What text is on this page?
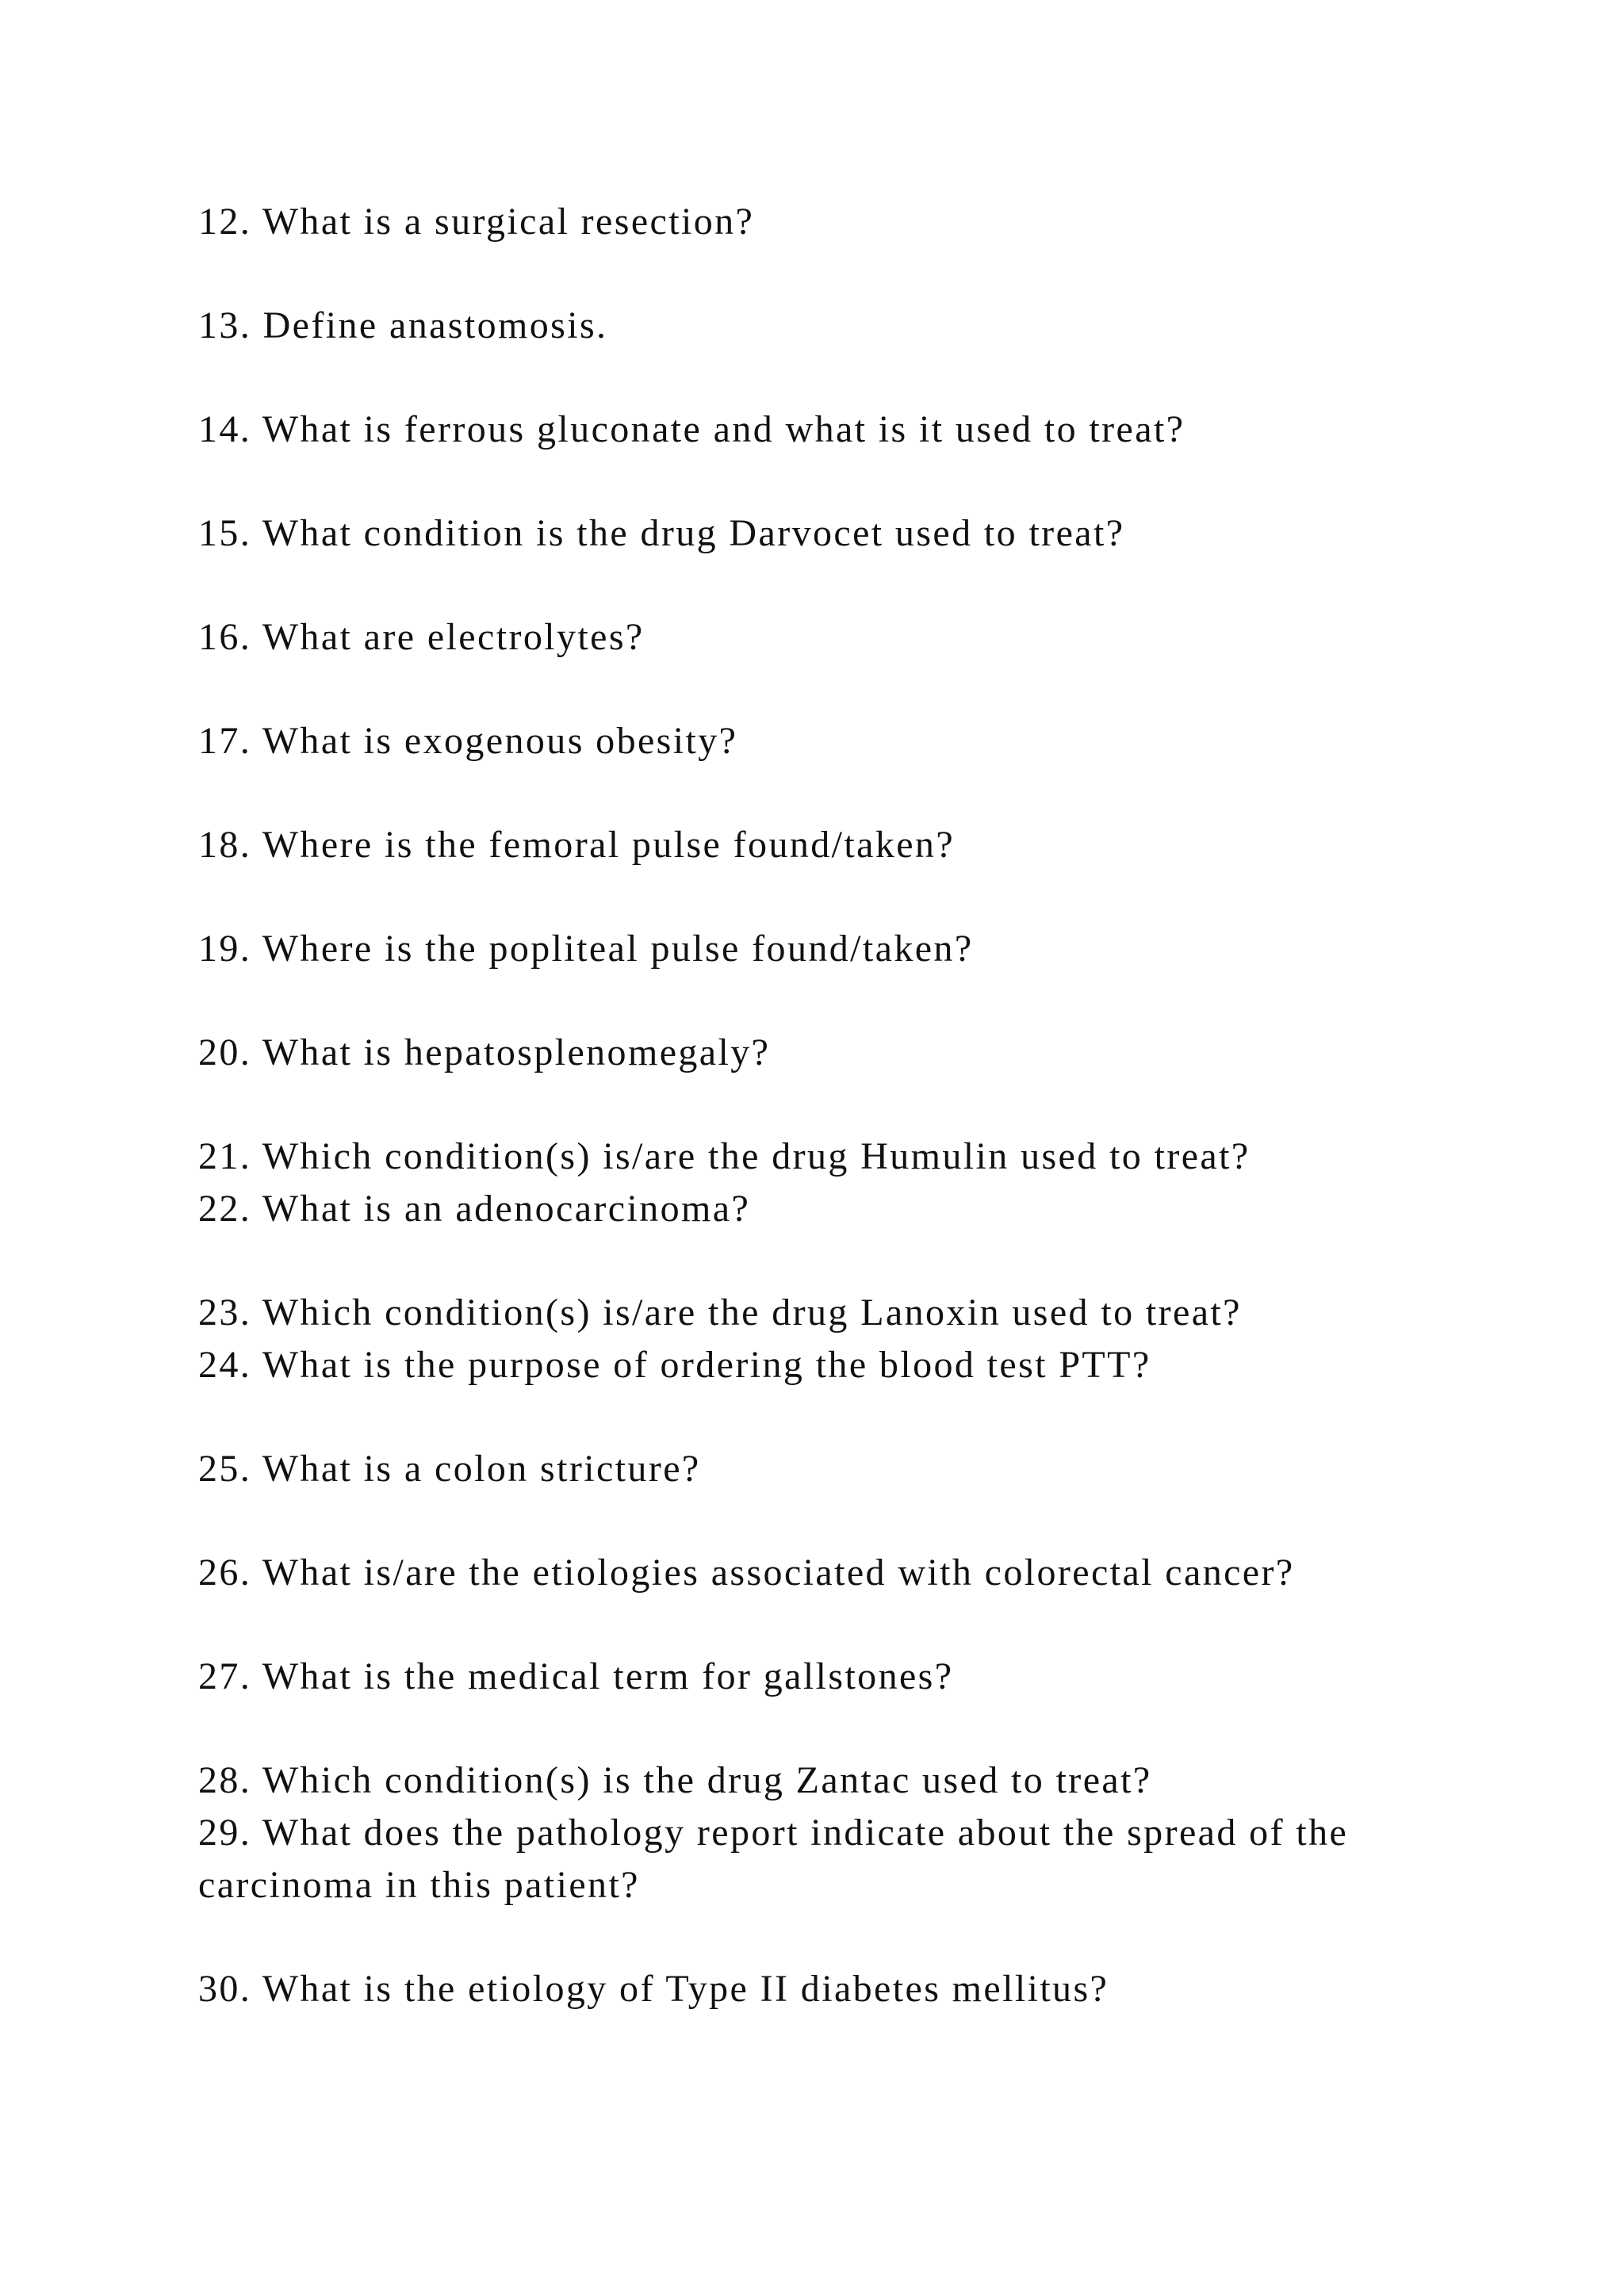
12. What is a surgical resection?

13. Define anastomosis.

14. What is ferrous gluconate and what is it used to treat?

15. What condition is the drug Darvocet used to treat?

16. What are electrolytes?

17. What is exogenous obesity?

18. Where is the femoral pulse found/taken?

19. Where is the popliteal pulse found/taken?

20. What is hepatosplenomegaly?

21. Which condition(s) is/are the drug Humulin used to treat?

22. What is an adenocarcinoma?

23. Which condition(s) is/are the drug Lanoxin used to treat?

24. What is the purpose of ordering the blood test PTT?

25. What is a colon stricture?

26. What is/are the etiologies associated with colorectal cancer?

27. What is the medical term for gallstones?

28. Which condition(s) is the drug Zantac used to treat?

29. What does the pathology report indicate about the spread of the carcinoma in this patient?

30. What is the etiology of Type II diabetes mellitus?
